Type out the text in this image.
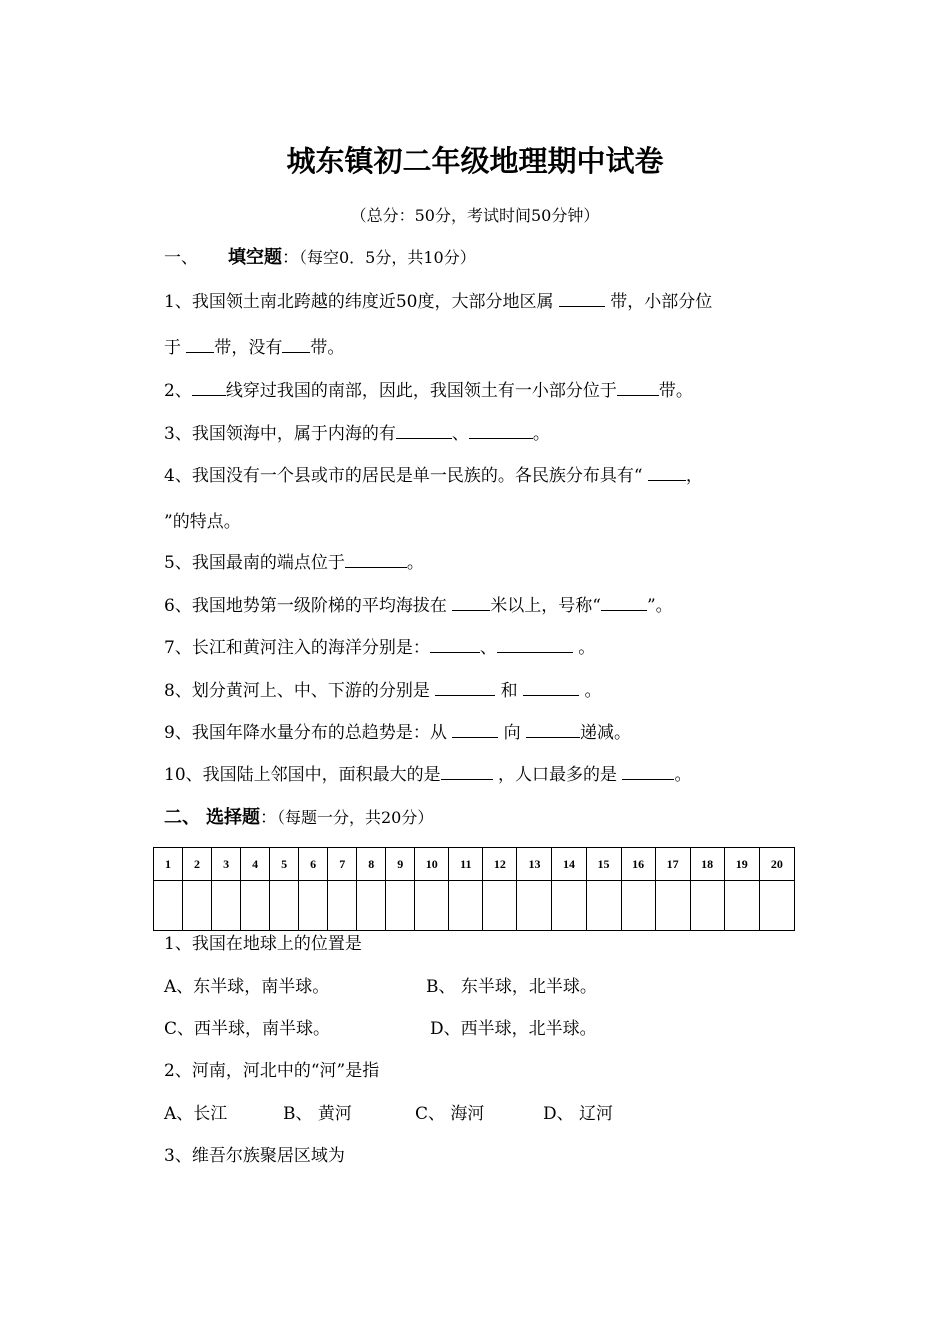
城东镇初二年级地理期中试卷
（总分：50分，考试时间50分钟）
一、 填空题：（每空0．5分，共10分）
1、我国领土南北跨越的纬度近50度，大部分地区属	带，小部分位
于 带，没有 带。
2、 线穿过我国的南部，因此，我国领土有一小部分位于 带。
3、我国领海中，属于内海的有	、	。
4、我国没有一个县或市的居民是单一民族的。各民族分布具有“ ，
”的特点。
5、我国最南的端点位于	。
6、我国地势第一级阶梯的平均海拔在 米以上，号称“	”。
7、长江和黄河注入的海洋分别是：	、	。
8、划分黄河上、中、下游的分别是	和	。
9、我国年降水量分布的总趋势是：从	向	递减。
10、我国陆上邻国中，面积最大的是	，人口最多的是	。
二、 选择题：（每题一分，共20分）
1	2	3	4	5	6	7	8	9	10	11	12	13	14	15	16	17	18	19	20

1、我国在地球上的位置是
A、东半球，南半球。	B、 东半球，北半球。
C、西半球，南半球。	D、西半球，北半球。
2、河南，河北中的“河”是指
A、长江	B、 黄河	C、 海河	D、 辽河
3、维吾尔族聚居区域为
